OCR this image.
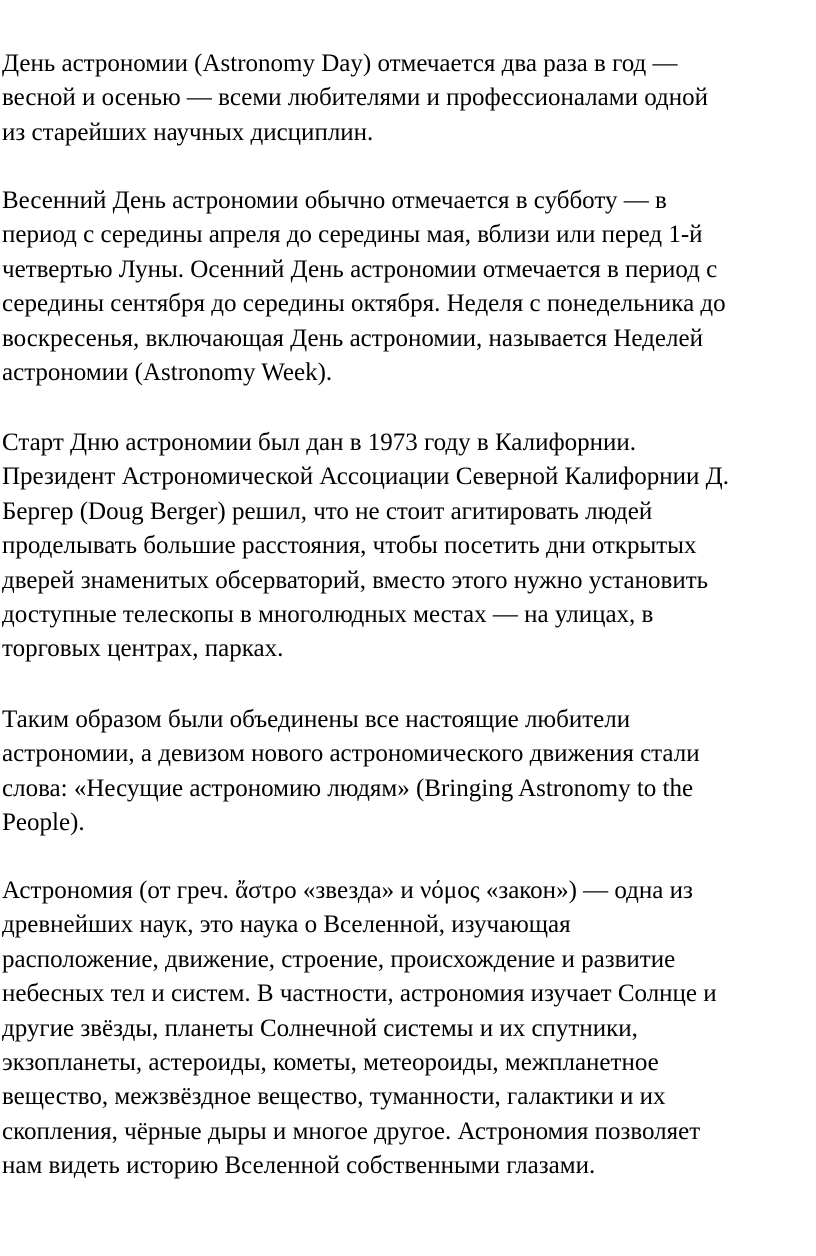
День астрономии (Astronomy Day) отмечается два раза в год —
весной и осенью — всеми любителями и профессионалами одной
из старейших научных дисциплин.

Весенний День астрономии обычно отмечается в субботу — в
период с середины апреля до середины мая, вблизи или перед 1-й
четвертью Луны. Осенний День астрономии отмечается в период с
середины сентября до середины октября. Неделя с понедельника до
воскресенья, включающая День астрономии, называется Неделей
астрономии (Astronomy Week).

Старт Дню астрономии был дан в 1973 году в Калифорнии.
Президент Астрономической Ассоциации Северной Калифорнии Д.
Бергер (Doug Berger) решил, что не стоит агитировать людей
проделывать большие расстояния, чтобы посетить дни открытых
дверей знаменитых обсерваторий, вместо этого нужно установить
доступные телескопы в многолюдных местах — на улицах, в
торговых центрах, парках.

Таким образом были объединены все настоящие любители
астрономии, а девизом нового астрономического движения стали
слова: «Несущие астрономию людям» (Bringing Astronomy to the
People).

Астрономия (от греч. ἄστρο «звезда» и νόμος «закон») — одна из
древнейших наук, это наука о Вселенной, изучающая
расположение, движение, строение, происхождение и развитие
небесных тел и систем. В частности, астрономия изучает Солнце и
другие звёзды, планеты Солнечной системы и их спутники,
экзопланеты, астероиды, кометы, метеороиды, межпланетное
вещество, межзвёздное вещество, туманности, галактики и их
скопления, чёрные дыры и многое другое. Астрономия позволяет
нам видеть историю Вселенной собственными глазами.
